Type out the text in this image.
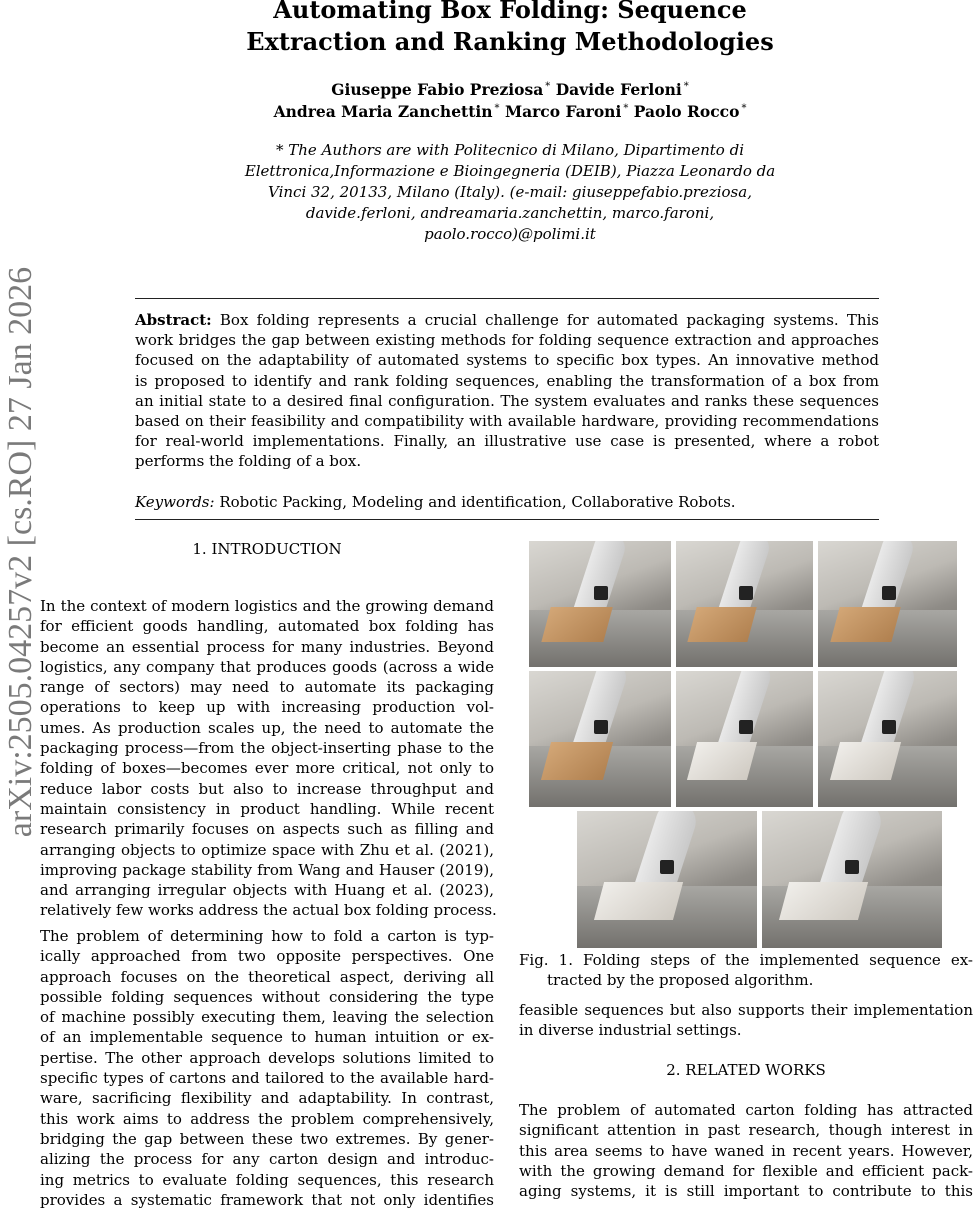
Automating Box Folding: Sequence
Extraction and Ranking Methodologies
Giuseppe Fabio Preziosa * Davide Ferloni *
Andrea Maria Zanchettin * Marco Faroni * Paolo Rocco *
* The Authors are with Politecnico di Milano, Dipartimento di
Elettronica,Informazione e Bioingegneria (DEIB), Piazza Leonardo da
Vinci 32, 20133, Milano (Italy). (e-mail: giuseppefabio.preziosa,
davide.ferloni, andreamaria.zanchettin, marco.faroni,
paolo.rocco)@polimi.it
Abstract: Box folding represents a crucial challenge for automated packaging systems. This
work bridges the gap between existing methods for folding sequence extraction and approaches
focused on the adaptability of automated systems to specific box types. An innovative method
is proposed to identify and rank folding sequences, enabling the transformation of a box from
an initial state to a desired final configuration. The system evaluates and ranks these sequences
based on their feasibility and compatibility with available hardware, providing recommendations
for real-world implementations. Finally, an illustrative use case is presented, where a robot
performs the folding of a box.
Keywords: Robotic Packing, Modeling and identification, Collaborative Robots.
arXiv:2505.04257v2 [cs.RO] 27 Jan 2026	1. INTRODUCTION
In the context of modern logistics and the growing demand
for efficient goods handling, automated box folding has
become an essential process for many industries. Beyond
logistics, any company that produces goods (across a wide
range of sectors) may need to automate its packaging
operations to keep up with increasing production vol-
umes. As production scales up, the need to automate the
packaging process—from the object-inserting phase to the
folding of boxes—becomes ever more critical, not only to
reduce labor costs but also to increase throughput and
maintain consistency in product handling. While recent
research primarily focuses on aspects such as filling and
arranging objects to optimize space with Zhu et al. (2021),
improving package stability from Wang and Hauser (2019),
and arranging irregular objects with Huang et al. (2023),
relatively few works address the actual box folding process.
The problem of determining how to fold a carton is typ-
ically approached from two opposite perspectives. One
approach focuses on the theoretical aspect, deriving all
possible folding sequences without considering the type
of machine possibly executing them, leaving the selection
of an implementable sequence to human intuition or ex-
pertise. The other approach develops solutions limited to
specific types of cartons and tailored to the available hard-
ware, sacrificing flexibility and adaptability. In contrast,
this work aims to address the problem comprehensively,
bridging the gap between these two extremes. By gener-
alizing the process for any carton design and introduc-
ing metrics to evaluate folding sequences, this research
provides a systematic framework that not only identifies
Fig. 1. Folding steps of the implemented sequence ex-
tracted by the proposed algorithm.
feasible sequences but also supports their implementation
in diverse industrial settings.
2. RELATED WORKS
The problem of automated carton folding has attracted
significant attention in past research, though interest in
this area seems to have waned in recent years. However,
with the growing demand for flexible and efficient pack-
aging systems, it is still important to contribute to this
